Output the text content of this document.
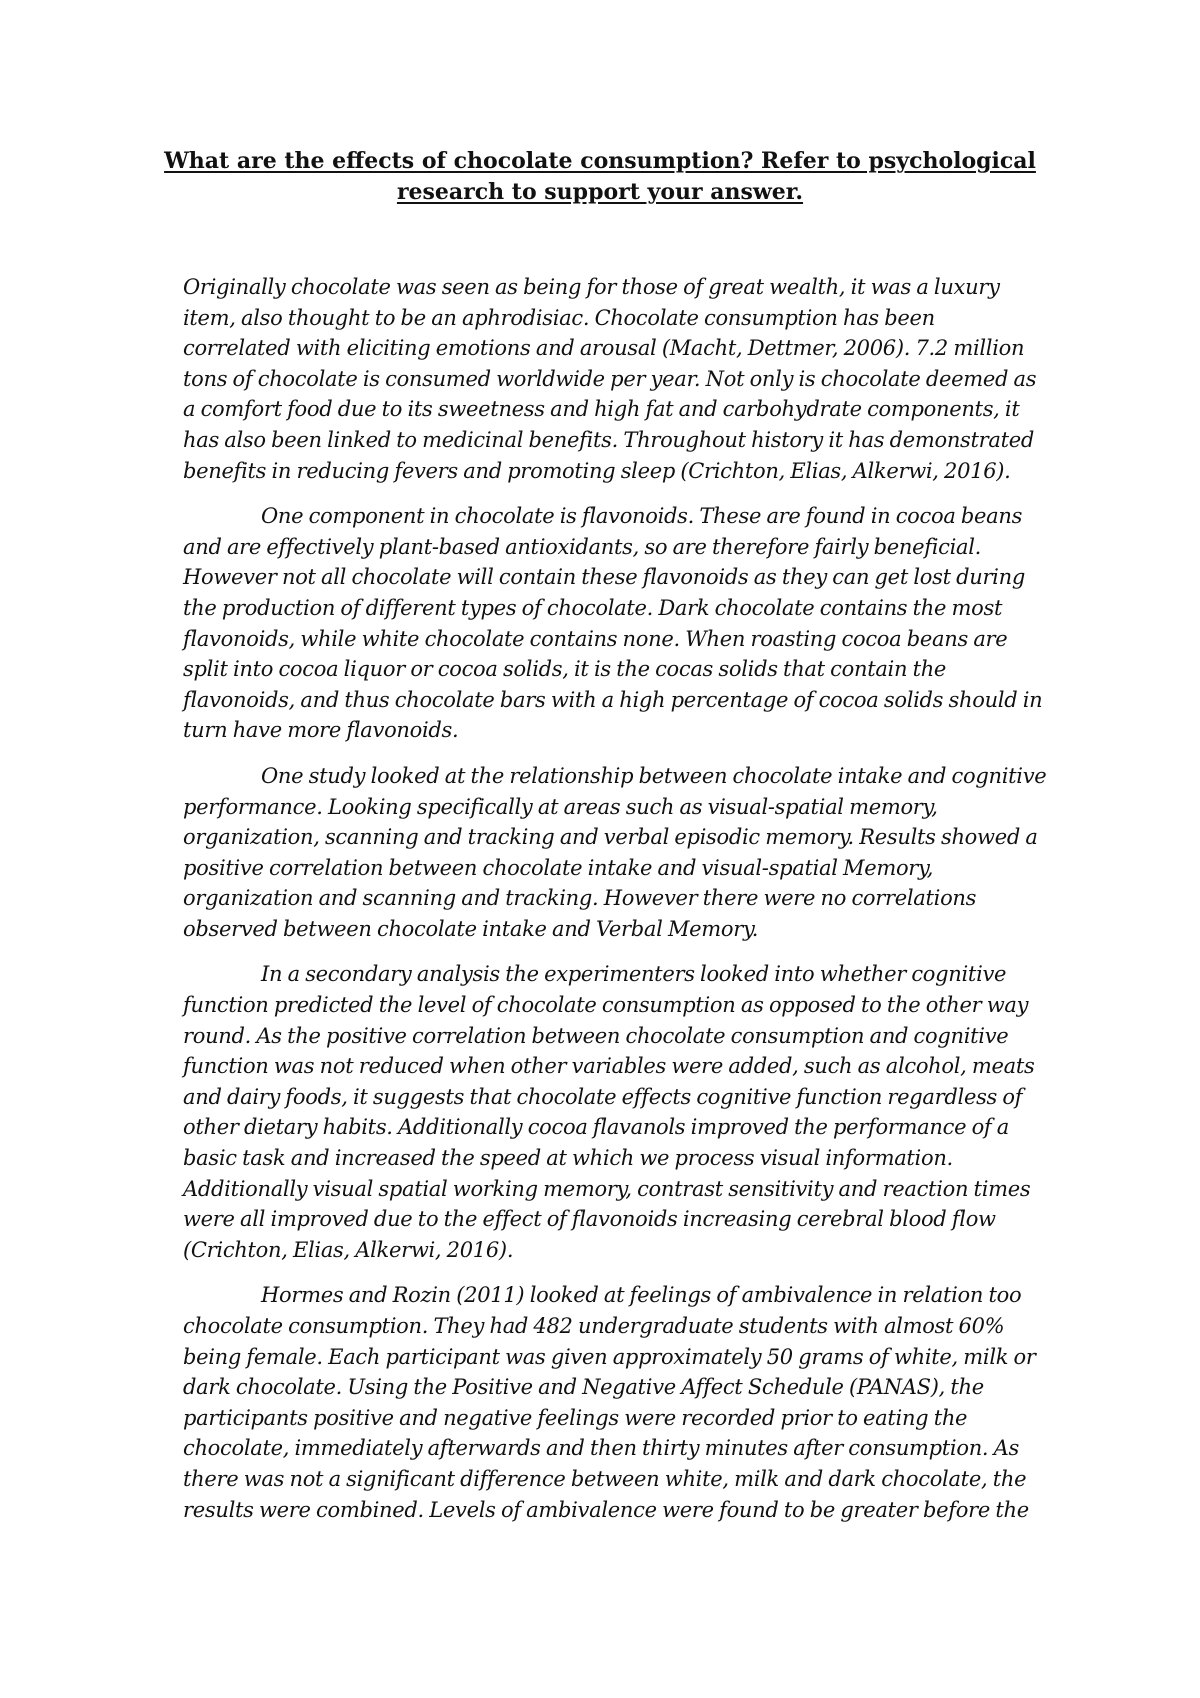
What are the effects of chocolate consumption? Refer to psychological
research to support your answer.

Originally chocolate was seen as being for those of great wealth, it was a luxury
item, also thought to be an aphrodisiac. Chocolate consumption has been
correlated with eliciting emotions and arousal (Macht, Dettmer, 2006). 7.2 million
tons of chocolate is consumed worldwide per year. Not only is chocolate deemed as
a comfort food due to its sweetness and high fat and carbohydrate components, it
has also been linked to medicinal benefits. Throughout history it has demonstrated
benefits in reducing fevers and promoting sleep (Crichton, Elias, Alkerwi, 2016).

One component in chocolate is flavonoids. These are found in cocoa beans
and are effectively plant-based antioxidants, so are therefore fairly beneficial.
However not all chocolate will contain these flavonoids as they can get lost during
the production of different types of chocolate. Dark chocolate contains the most
flavonoids, while white chocolate contains none. When roasting cocoa beans are
split into cocoa liquor or cocoa solids, it is the cocas solids that contain the
flavonoids, and thus chocolate bars with a high percentage of cocoa solids should in
turn have more flavonoids.

One study looked at the relationship between chocolate intake and cognitive
performance. Looking specifically at areas such as visual-spatial memory,
organization, scanning and tracking and verbal episodic memory. Results showed a
positive correlation between chocolate intake and visual-spatial Memory,
organization and scanning and tracking. However there were no correlations
observed between chocolate intake and Verbal Memory.

In a secondary analysis the experimenters looked into whether cognitive
function predicted the level of chocolate consumption as opposed to the other way
round. As the positive correlation between chocolate consumption and cognitive
function was not reduced when other variables were added, such as alcohol, meats
and dairy foods, it suggests that chocolate effects cognitive function regardless of
other dietary habits. Additionally cocoa flavanols improved the performance of a
basic task and increased the speed at which we process visual information.
Additionally visual spatial working memory, contrast sensitivity and reaction times
were all improved due to the effect of flavonoids increasing cerebral blood flow
(Crichton, Elias, Alkerwi, 2016).

Hormes and Rozin (2011) looked at feelings of ambivalence in relation too
chocolate consumption. They had 482 undergraduate students with almost 60%
being female. Each participant was given approximately 50 grams of white, milk or
dark chocolate. Using the Positive and Negative Affect Schedule (PANAS), the
participants positive and negative feelings were recorded prior to eating the
chocolate, immediately afterwards and then thirty minutes after consumption. As
there was not a significant difference between white, milk and dark chocolate, the
results were combined. Levels of ambivalence were found to be greater before the
